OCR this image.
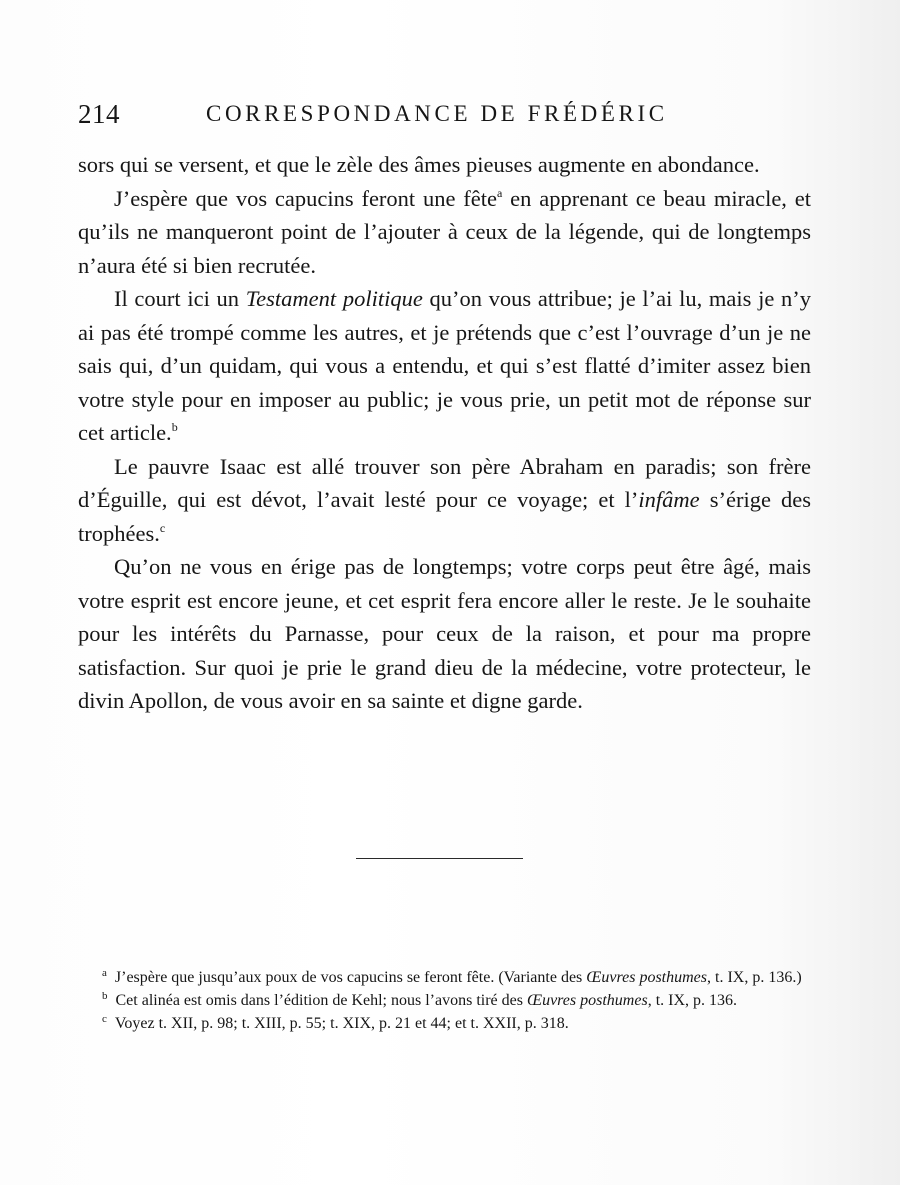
214	CORRESPONDANCE DE FRÉDÉRIC

sors qui se versent, et que le zèle des âmes pieuses augmente en abondance.

J’espère que vos capucins feront une fête$^a$ en apprenant ce beau miracle, et qu’ils ne manqueront point de l’ajouter à ceux de la légende, qui de longtemps n’aura été si bien recrutée.

Il court ici un Testament politique qu’on vous attribue; je l’ai lu, mais je n’y ai pas été trompé comme les autres, et je prétends que c’est l’ouvrage d’un je ne sais qui, d’un quidam, qui vous a entendu, et qui s’est flatté d’imiter assez bien votre style pour en imposer au public; je vous prie, un petit mot de réponse sur cet article.$^b$

Le pauvre Isaac est allé trouver son père Abraham en paradis; son frère d’Éguille, qui est dévot, l’avait lesté pour ce voyage; et l’infâme s’érige des trophées.$^c$

Qu’on ne vous en érige pas de longtemps; votre corps peut être âgé, mais votre esprit est encore jeune, et cet esprit fera encore aller le reste. Je le souhaite pour les intérêts du Parnasse, pour ceux de la raison, et pour ma propre satisfaction. Sur quoi je prie le grand dieu de la médecine, votre protecteur, le divin Apollon, de vous avoir en sa sainte et digne garde.

$^a$ J’espère que jusqu’aux poux de vos capucins se feront fête. (Variante des Œuvres posthumes, t. IX, p. 136.)

$^b$ Cet alinéa est omis dans l’édition de Kehl; nous l’avons tiré des Œuvres posthumes, t. IX, p. 136.

$^c$ Voyez t. XII, p. 98; t. XIII, p. 55; t. XIX, p. 21 et 44; et t. XXII, p. 318.
